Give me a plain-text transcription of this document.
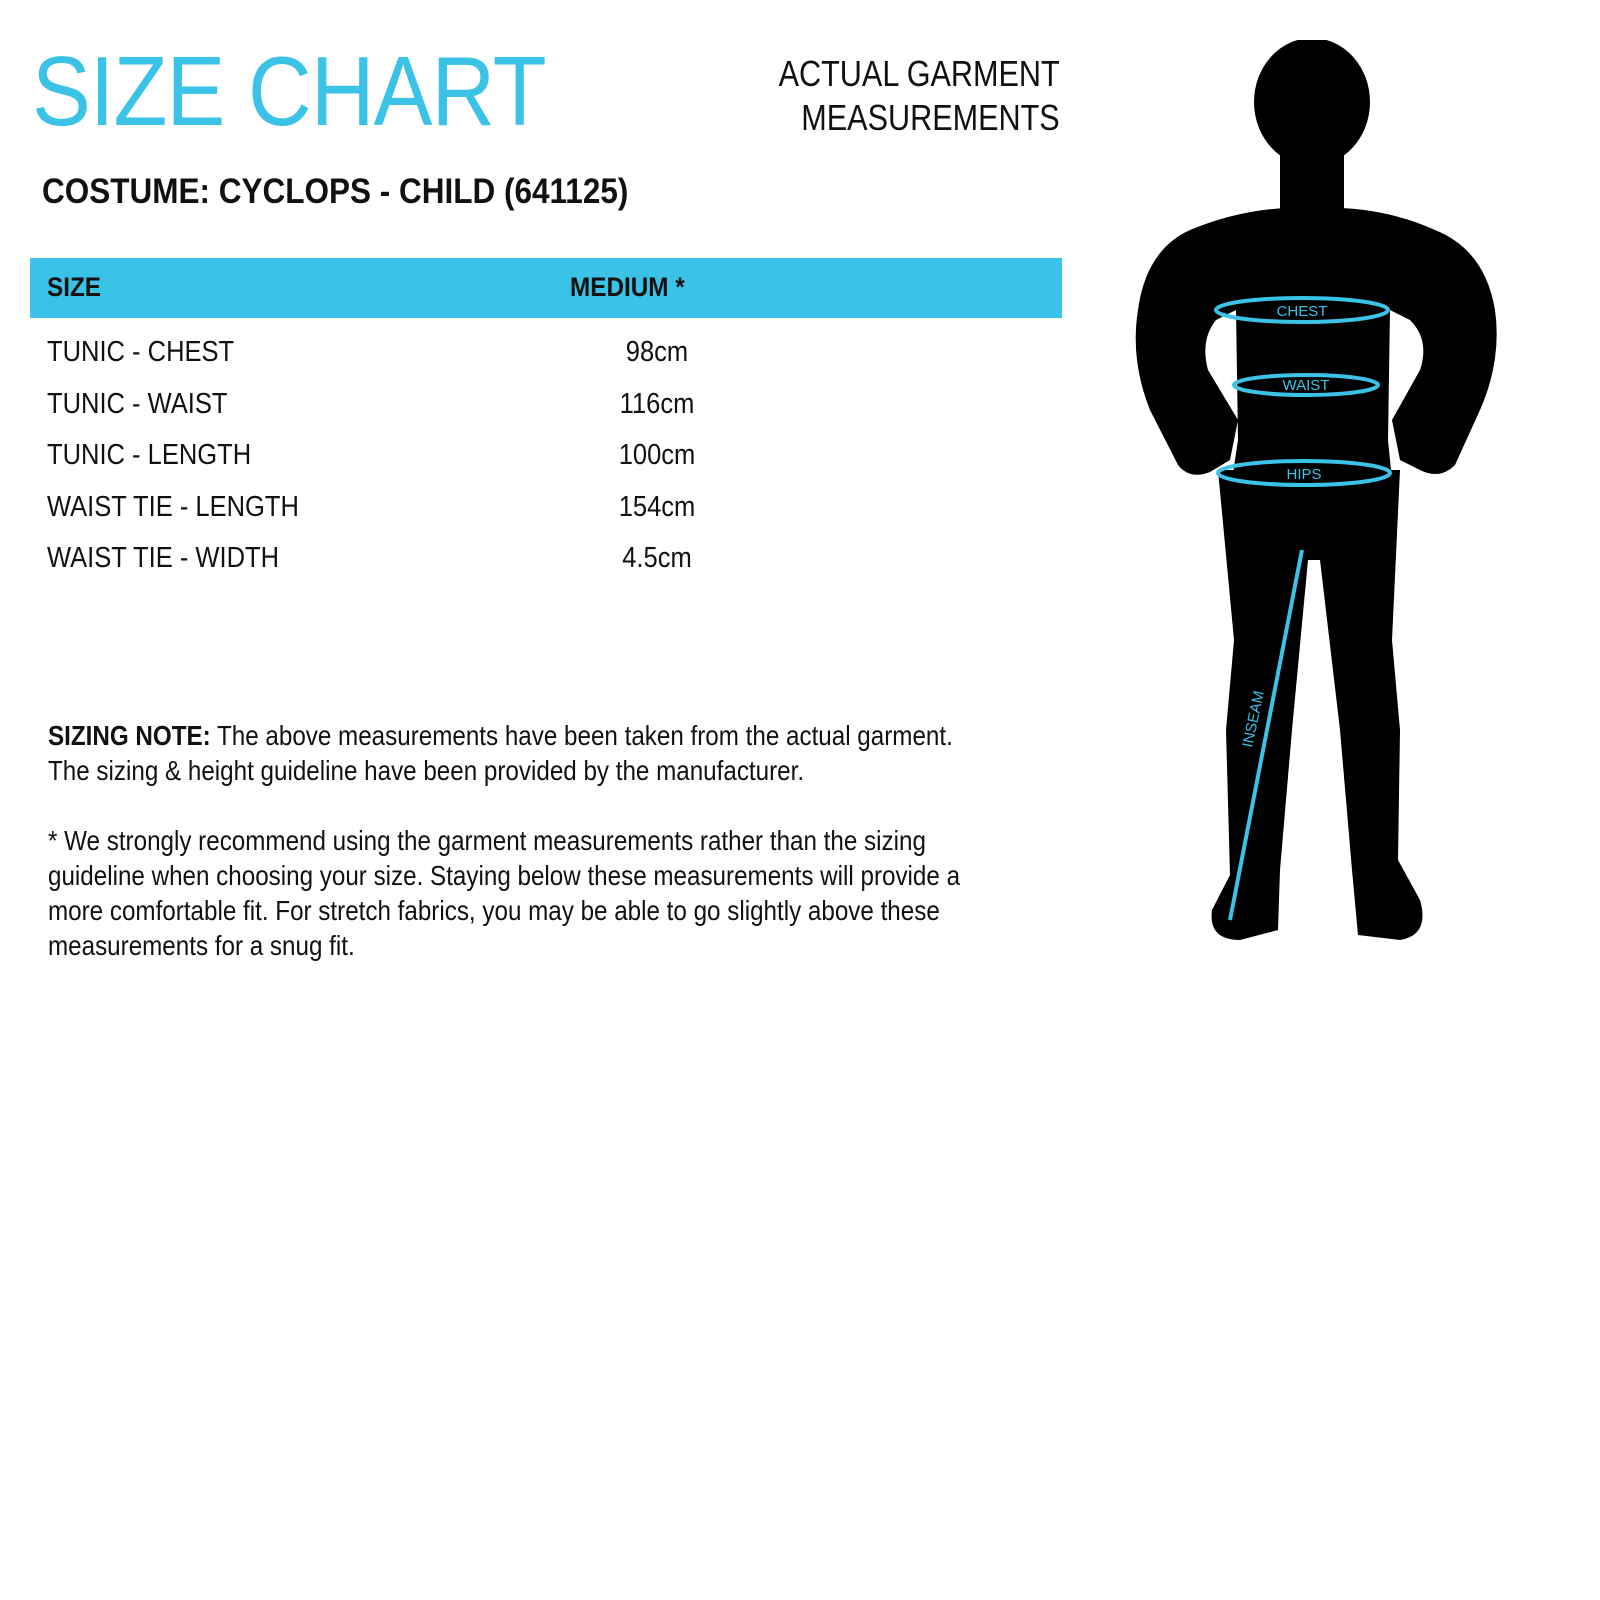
SIZE CHART	ACTUAL GARMENT
MEASUREMENTS
COSTUME: CYCLOPS - CHILD (641125)
SIZE	MEDIUM *
TUNIC - CHEST	98cm
TUNIC - WAIST	116cm
TUNIC - LENGTH	100cm
WAIST TIE - LENGTH	154cm
WAIST TIE - WIDTH	4.5cm

SIZING NOTE: The above measurements have been taken from the actual garment. The sizing & height guideline have been provided by the manufacturer.

* We strongly recommend using the garment measurements rather than the sizing guideline when choosing your size. Staying below these measurements will provide a more comfortable fit. For stretch fabrics, you may be able to go slightly above these measurements for a snug fit.

CHEST
WAIST
HIPS
INSEAM
